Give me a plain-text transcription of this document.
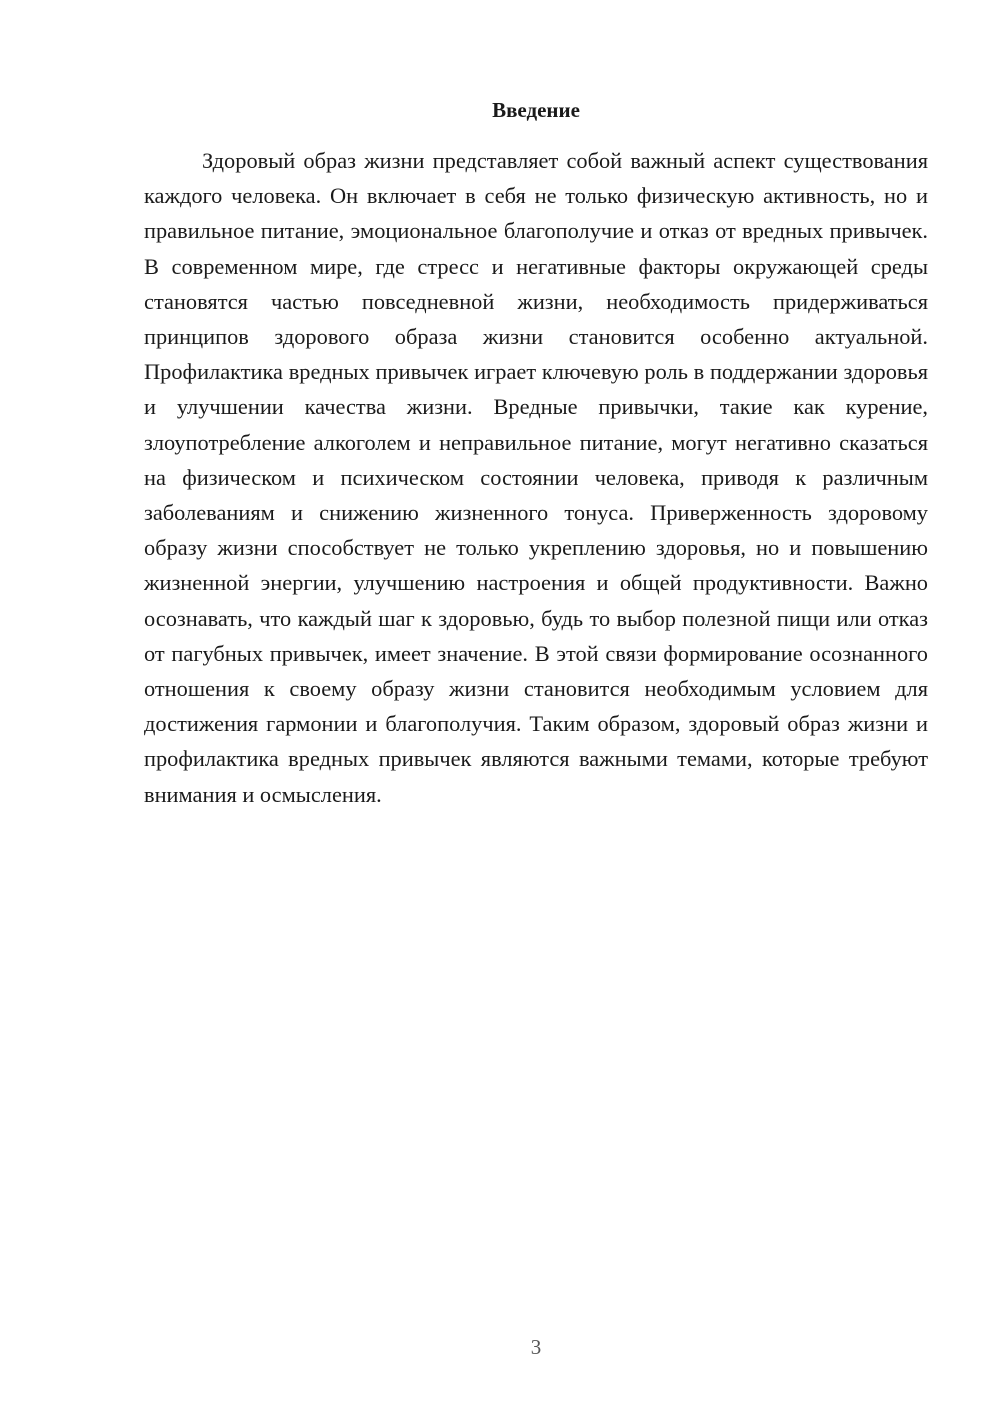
Введение

Здоровый образ жизни представляет собой важный аспект существования каждого человека. Он включает в себя не только физическую активность, но и правильное питание, эмоциональное благополучие и отказ от вредных привычек. В современном мире, где стресс и негативные факторы окружающей среды становятся частью повседневной жизни, необходимость придерживаться принципов здорового образа жизни становится особенно актуальной. Профилактика вредных привычек играет ключевую роль в поддержании здоровья и улучшении качества жизни. Вредные привычки, такие как курение, злоупотребление алкоголем и неправильное питание, могут негативно сказаться на физическом и психическом состоянии человека, приводя к различным заболеваниям и снижению жизненного тонуса. Приверженность здоровому образу жизни способствует не только укреплению здоровья, но и повышению жизненной энергии, улучшению настроения и общей продуктивности. Важно осознавать, что каждый шаг к здоровью, будь то выбор полезной пищи или отказ от пагубных привычек, имеет значение. В этой связи формирование осознанного отношения к своему образу жизни становится необходимым условием для достижения гармонии и благополучия. Таким образом, здоровый образ жизни и профилактика вредных привычек являются важными темами, которые требуют внимания и осмысления.

3
